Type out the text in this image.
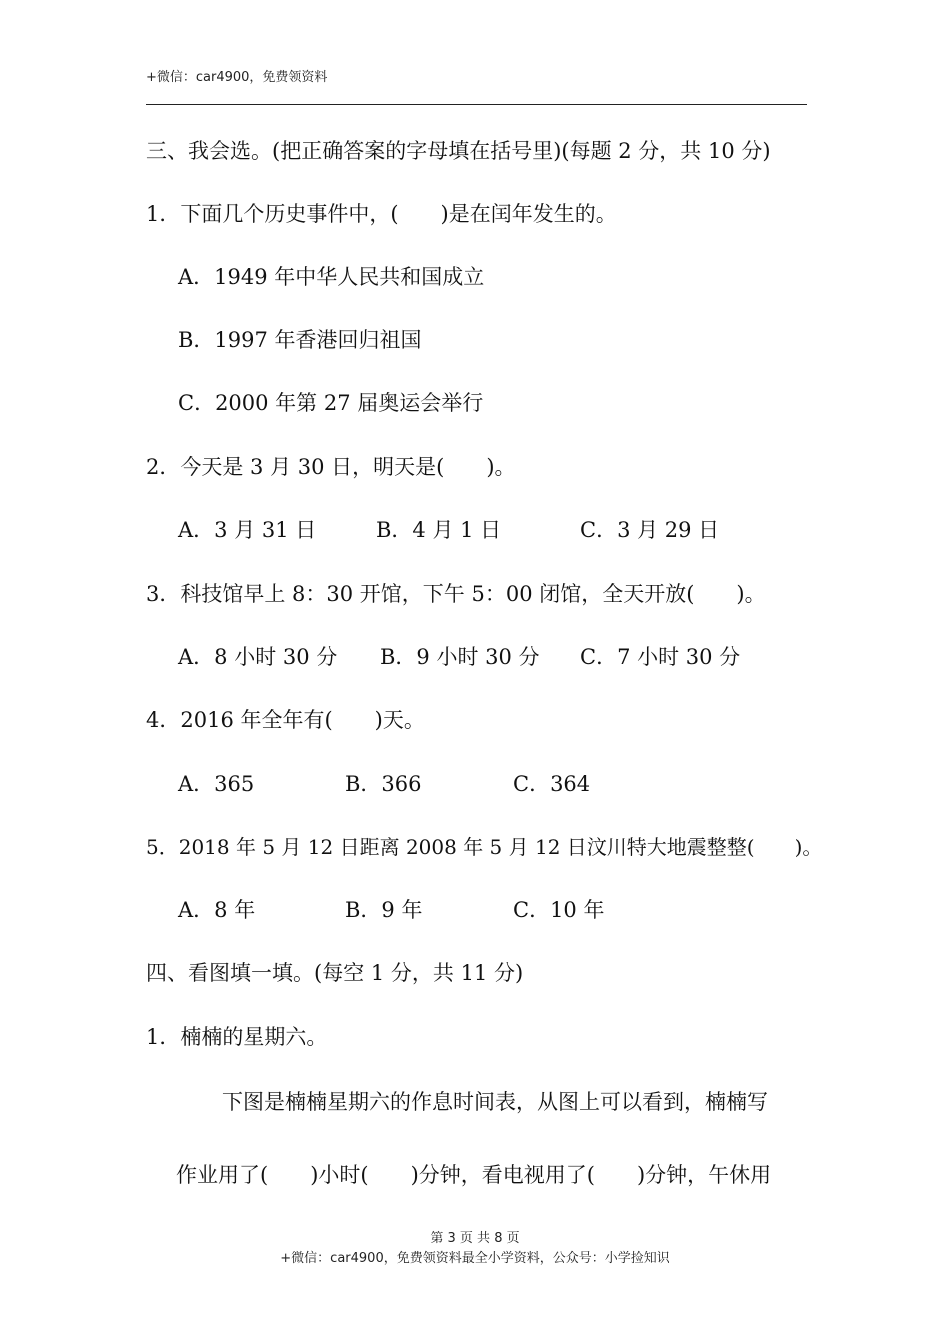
+微信：car4900，免费领资料
三、我会选。(把正确答案的字母填在括号里)(每题 2 分，共 10 分)
1．下面几个历史事件中，(　　)是在闰年发生的。
A．1949 年中华人民共和国成立
B．1997 年香港回归祖国
C．2000 年第 27 届奥运会举行
2．今天是 3 月 30 日，明天是(　　)。
A．3 月 31 日	B．4 月 1 日	C．3 月 29 日
3．科技馆早上 8：30 开馆，下午 5：00 闭馆，全天开放(　　)。
A．8 小时 30 分 B．9 小时 30 分 C．7 小时 30 分
4．2016 年全年有(　　)天。
A．365	B．366	C．364
5．2018 年 5 月 12 日距离 2008 年 5 月 12 日汶川特大地震整整(　　)。
A．8 年	B．9 年	C．10 年
四、看图填一填。(每空 1 分，共 11 分)
1．楠楠的星期六。
下图是楠楠星期六的作息时间表，从图上可以看到，楠楠写
作业用了(　　)小时(　　)分钟，看电视用了(　　)分钟，午休用
第 3 页 共 8 页
+微信：car4900，免费领资料最全小学资料，公众号：小学捡知识
